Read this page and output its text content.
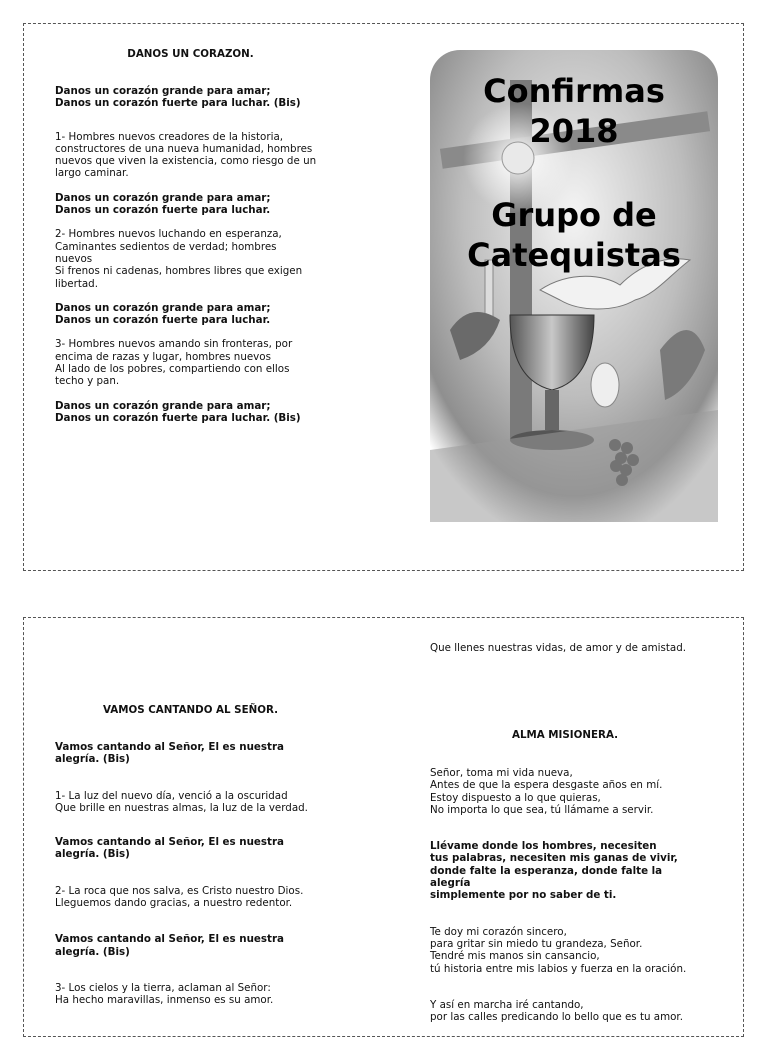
DANOS UN CORAZON.

Danos un corazón grande para amar;
Danos un corazón fuerte para luchar. (Bis)

1- Hombres nuevos creadores de la historia,
constructores de una nueva humanidad, hombres
nuevos que viven la existencia, como riesgo de un
largo caminar.

Danos un corazón grande para amar;
Danos un corazón fuerte para luchar.

2- Hombres nuevos luchando en esperanza,
Caminantes sedientos de verdad; hombres
nuevos
Si frenos ni cadenas, hombres libres que exigen
libertad.

Danos un corazón grande para amar;
Danos un corazón fuerte para luchar.

3- Hombres nuevos amando sin fronteras, por
encima de razas y lugar, hombres nuevos
Al lado de los pobres, compartiendo con ellos
techo y pan.

Danos un corazón grande para amar;
Danos un corazón fuerte para luchar. (Bis)

Confirmas
2018
Grupo de
Catequistas
VAMOS CANTANDO AL SEÑOR.

Vamos cantando al Señor, El es nuestra
alegría. (Bis)

1- La luz del nuevo día, venció a la oscuridad
Que brille en nuestras almas, la luz de la verdad.

Vamos cantando al Señor, El es nuestra
alegría. (Bis)

2- La roca que nos salva, es Cristo nuestro Dios.
Lleguemos dando gracias, a nuestro redentor.

Vamos cantando al Señor, El es nuestra
alegría. (Bis)

3- Los cielos y la tierra, aclaman al Señor:
Ha hecho maravillas, inmenso es su amor.

Que llenes nuestras vidas, de amor y de amistad.
ALMA MISIONERA.

Señor, toma mi vida nueva,
Antes de que la espera desgaste años en mí.
Estoy dispuesto a lo que quieras,
No importa lo que sea, tú llámame a servir.

Llévame donde los hombres, necesiten
tus palabras, necesiten mis ganas de vivir,
donde falte la esperanza, donde falte la
alegría
simplemente por no saber de ti.

Te doy mi corazón sincero,
para gritar sin miedo tu grandeza, Señor.
Tendré mis manos sin cansancio,
tú historia entre mis labios y fuerza en la oración.

Y así en marcha iré cantando,
por las calles predicando lo bello que es tu amor.
